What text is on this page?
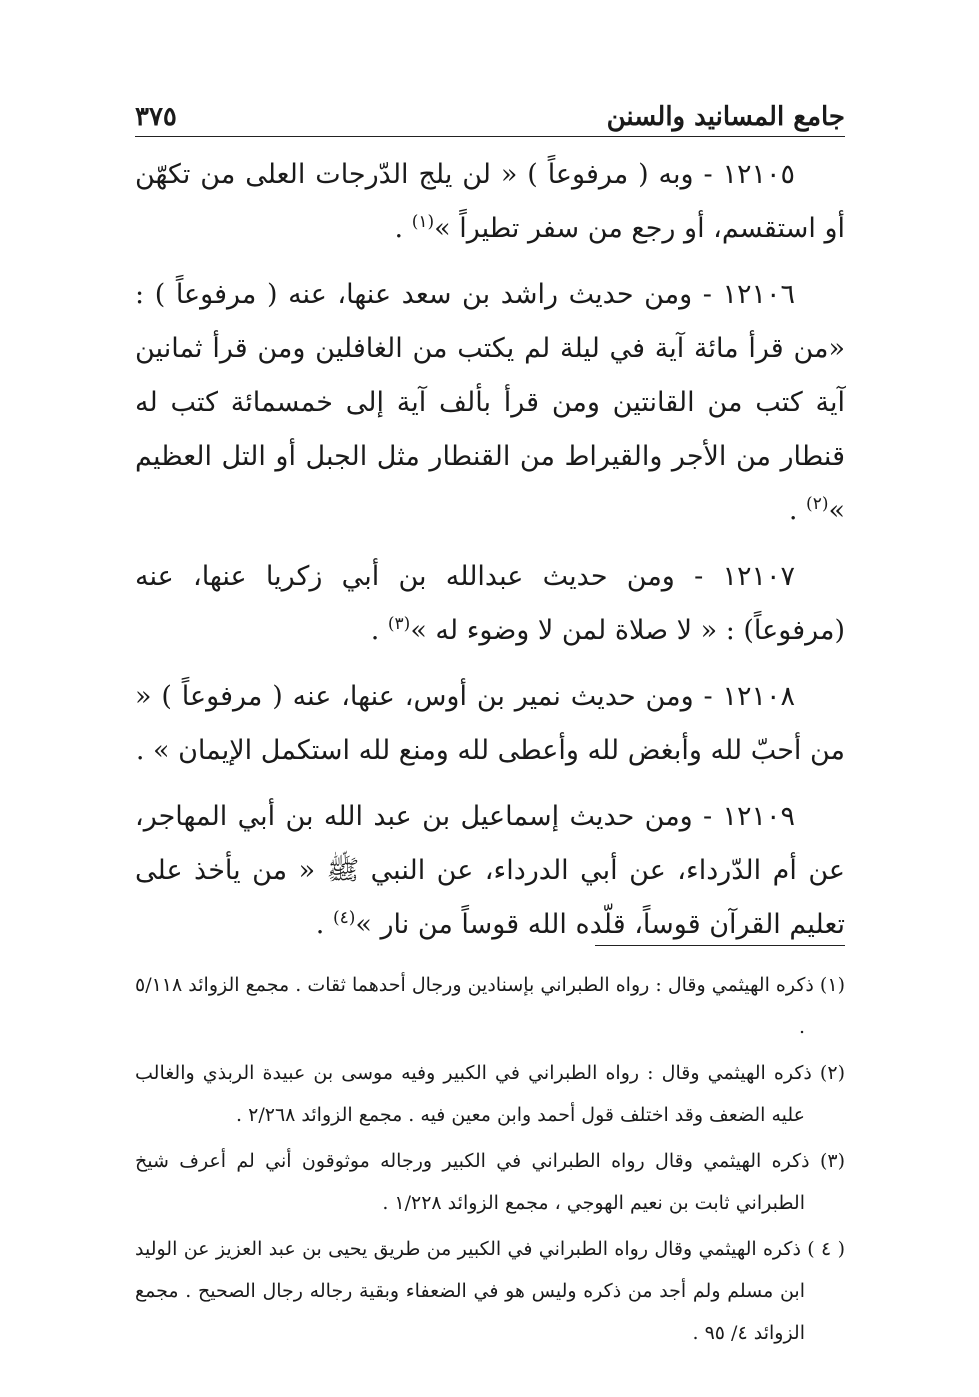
٣٧٥	جامع المسانيد والسنن

١٢١٠٥ - وبه ( مرفوعاً ) « لن يلج الدّرجات العلى من تكهّن أو استقسم، أو رجع من سفر تطيراً »$^{(١)}$ .

١٢١٠٦ - ومن حديث راشد بن سعد عنها، عنه ( مرفوعاً ) : «من قرأ مائة آية في ليلة لم يكتب من الغافلين ومن قرأ ثمانين آية كتب من القانتين ومن قرأ بألف آية إلى خمسمائة كتب له قنطار من الأجر والقيراط من القنطار مثل الجبل أو التل العظيم »$^{(٢)}$ .

١٢١٠٧ - ومن حديث عبدالله بن أبي زكريا عنها، عنه (مرفوعاً) : « لا صلاة لمن لا وضوء له »$^{(٣)}$ .

١٢١٠٨ - ومن حديث نمير بن أوس، عنها، عنه ( مرفوعاً ) « من أحبّ لله وأبغض لله وأعطى لله ومنع لله استكمل الإيمان » .

١٢١٠٩ - ومن حديث إسماعيل بن عبد الله بن أبي المهاجر، عن أم الدّرداء، عن أبي الدرداء، عن النبي ﷺ « من يأخذ على تعليم القرآن قوساً، قلّده الله قوساً من نار »$^{(٤)}$ .

(١) ذكره الهيثمي وقال : رواه الطبراني بإسنادين ورجال أحدهما ثقات . مجمع الزوائد ٥/١١٨ .

(٢) ذكره الهيثمي وقال : رواه الطبراني في الكبير وفيه موسى بن عبيدة الربذي والغالب عليه الضعف وقد اختلف قول أحمد وابن معين فيه . مجمع الزوائد ٢/٢٦٨ .

(٣) ذكره الهيثمي وقال رواه الطبراني في الكبير ورجاله موثوقون أني لم أعرف شيخ الطبراني ثابت بن نعيم الهوجي ، مجمع الزوائد ١/٢٢٨ .

( ٤ ) ذكره الهيثمي وقال رواه الطبراني في الكبير من طريق يحيى بن عبد العزيز عن الوليد ابن مسلم ولم أجد من ذكره وليس هو في الضعفاء وبقية رجاله رجال الصحيح . مجمع الزوائد ٤/ ٩٥ .
